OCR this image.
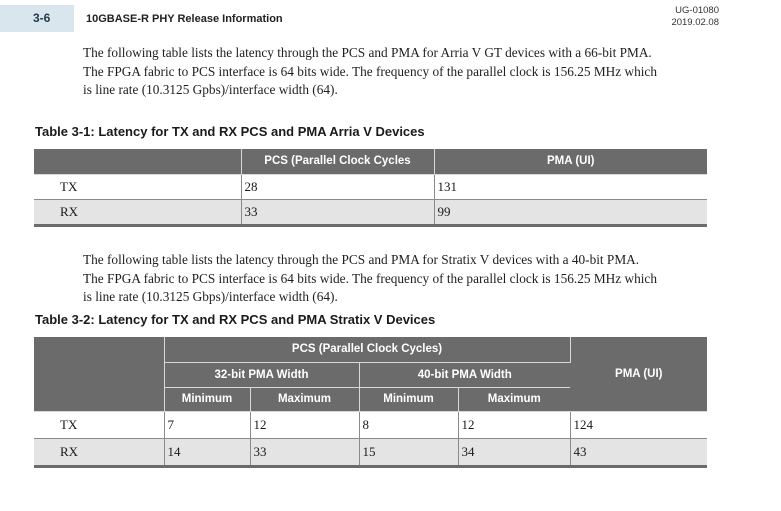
3-6	10GBASE-R PHY Release Information
UG-01080
2019.02.08
The following table lists the latency through the PCS and PMA for Arria V GT devices with a 66-bit PMA.
The FPGA fabric to PCS interface is 64 bits wide. The frequency of the parallel clock is 156.25 MHz which
is line rate (10.3125 Gpbs)/interface width (64).
Table 3-1: Latency for TX and RX PCS and PMA Arria V Devices
	PCS (Parallel Clock Cycles	PMA (UI)
TX	28	131
RX	33	99
The following table lists the latency through the PCS and PMA for Stratix V devices with a 40-bit PMA.
The FPGA fabric to PCS interface is 64 bits wide. The frequency of the parallel clock is 156.25 MHz which
is line rate (10.3125 Gbps)/interface width (64).
Table 3-2: Latency for TX and RX PCS and PMA Stratix V Devices
	PCS (Parallel Clock Cycles)				PMA (UI)
	32-bit PMA Width		40-bit PMA Width		
	Minimum	Maximum	Minimum	Maximum	
TX	7	12	8	12	124
RX	14	33	15	34	43
